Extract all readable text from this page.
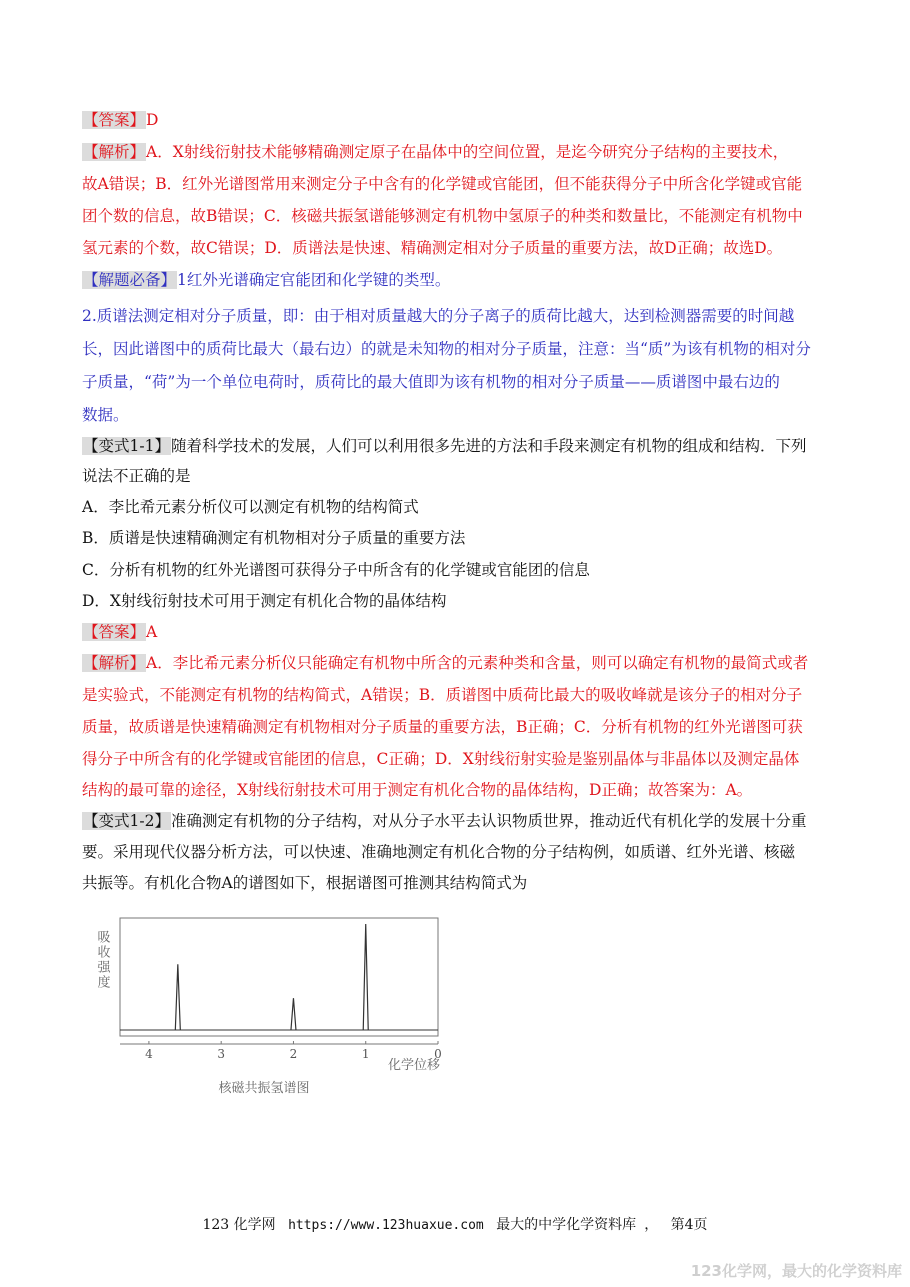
【答案】D
【解析】A．X射线衍射技术能够精确测定原子在晶体中的空间位置，是迄今研究分子结构的主要技术，
故A错误；B．红外光谱图常用来测定分子中含有的化学键或官能团，但不能获得分子中所含化学键或官能
团个数的信息，故B错误；C．核磁共振氢谱能够测定有机物中氢原子的种类和数量比，不能测定有机物中
氢元素的个数，故C错误；D．质谱法是快速、精确测定相对分子质量的重要方法，故D正确；故选D。
【解题必备】1红外光谱确定官能团和化学键的类型。
2.质谱法测定相对分子质量，即：由于相对质量越大的分子离子的质荷比越大，达到检测器需要的时间越
长，因此谱图中的质荷比最大（最右边）的就是未知物的相对分子质量，注意：当“质”为该有机物的相对分
子质量，“荷”为一个单位电荷时，质荷比的最大值即为该有机物的相对分子质量——质谱图中最右边的
数据。
【变式1-1】随着科学技术的发展，人们可以利用很多先进的方法和手段来测定有机物的组成和结构．下列
说法不正确的是
A．李比希元素分析仪可以测定有机物的结构简式
B．质谱是快速精确测定有机物相对分子质量的重要方法
C．分析有机物的红外光谱图可获得分子中所含有的化学键或官能团的信息
D．X射线衍射技术可用于测定有机化合物的晶体结构
【答案】A
【解析】A．李比希元素分析仪只能确定有机物中所含的元素种类和含量，则可以确定有机物的最简式或者
是实验式，不能测定有机物的结构简式，A错误；B．质谱图中质荷比最大的吸收峰就是该分子的相对分子
质量，故质谱是快速精确测定有机物相对分子质量的重要方法，B正确；C．分析有机物的红外光谱图可获
得分子中所含有的化学键或官能团的信息，C正确；D．X射线衍射实验是鉴别晶体与非晶体以及测定晶体
结构的最可靠的途径，X射线衍射技术可用于测定有机化合物的晶体结构，D正确；故答案为：A。
【变式1-2】准确测定有机物的分子结构，对从分子水平去认识物质世界，推动近代有机化学的发展十分重
要。采用现代仪器分析方法，可以快速、准确地测定有机化合物的分子结构例，如质谱、红外光谱、核磁
共振等。有机化合物A的谱图如下，根据谱图可推测其结构简式为
吸收强度
4	3	2	1	0
化学位移
核磁共振氢谱图
123 化学网 https://www.123huaxue.com 最大的中学化学资料库 ， 第4页
123化学网，最大的化学资料库
